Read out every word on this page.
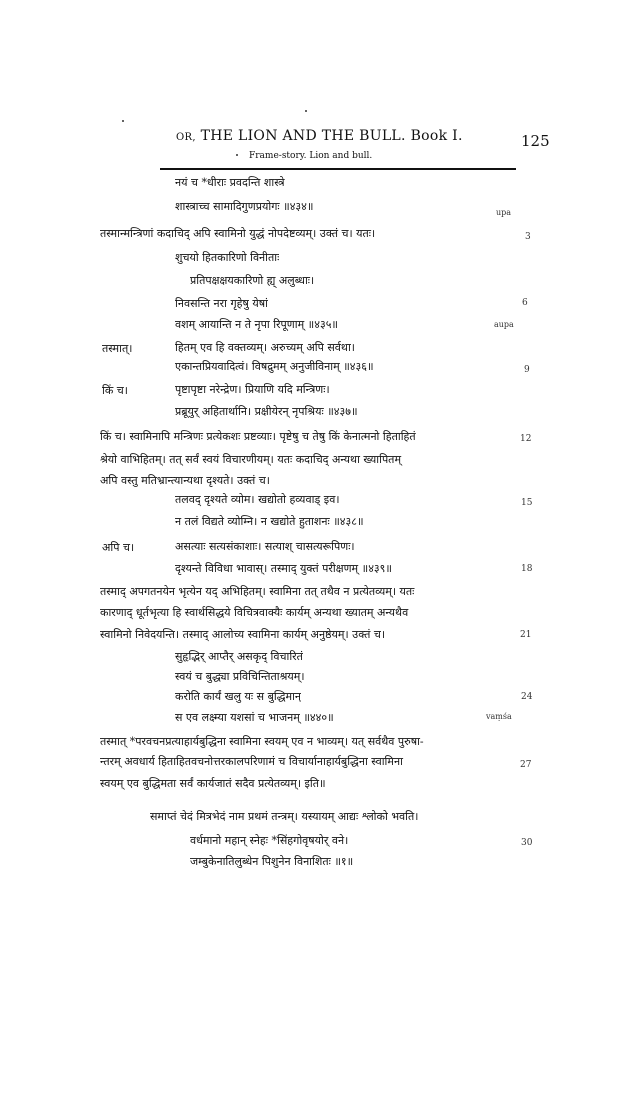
OR, THE LION AND THE BULL. Book I.	125
Frame-story. Lion and bull.
नयं च *धीराः प्रवदन्ति शास्त्रे
शास्त्राच्च सामादिगुणप्रयोगः ॥४३४॥	upa
तस्मान्मन्त्रिणां कदाचिद् अपि स्वामिनो युद्धं नोपदेष्टव्यम्। उक्तं च। यतः।	3
शुचयो हितकारिणो विनीताः
प्रतिपक्षक्षयकारिणो ह्य् अलुब्धाः।
निवसन्ति नरा गृहेषु येषां	6
वशम् आयान्ति न ते नृपा रिपूणाम् ॥४३५॥	aupa
तस्मात्।	हितम् एव हि वक्तव्यम्। अरुच्यम् अपि सर्वथा।
एकान्तप्रियवादित्वं। विषद्रुमम् अनुजीविनाम् ॥४३६॥	9
किं च।	पृष्टापृष्टा नरेन्द्रेण। प्रियाणि यदि मन्त्रिणः।
प्रब्रूयुर् अहितार्थानि। प्रक्षीयेरन् नृपश्रियः ॥४३७॥
किं च। स्वामिनापि मन्त्रिणः प्रत्येकशः प्रष्टव्याः। पृष्टेषु च तेषु किं केनात्मनो हिताहितं	12
श्रेयो वाभिहितम्। तत् सर्वं स्वयं विचारणीयम्। यतः कदाचिद् अन्यथा ख्यापितम्
अपि वस्तु मतिभ्रान्त्यान्यथा दृश्यते। उक्तं च।
तलवद् दृश्यते व्योम। खद्योतो हव्यवाड् इव।	15
न तलं विद्यते व्योम्नि। न खद्योते हुताशनः ॥४३८॥
अपि च।	असत्याः सत्यसंकाशाः। सत्याश् चासत्यरूपिणः।
दृश्यन्ते विविधा भावास्। तस्माद् युक्तं परीक्षणम् ॥४३९॥	18
तस्माद् अपगतनयेन भृत्येन यद् अभिहितम्। स्वामिना तत् तथैव न प्रत्येतव्यम्। यतः
कारणाद् धूर्तभृत्या हि स्वार्थसिद्धये विचित्रवाक्यैः कार्यम् अन्यथा ख्यातम् अन्यथैव
स्वामिनो निवेदयन्ति। तस्माद् आलोच्य स्वामिना कार्यम् अनुष्ठेयम्। उक्तं च।	21
सुहृद्भिर् आप्तैर् असकृद् विचारितं
स्वयं च बुद्ध्या प्रविचिन्तिताश्रयम्।
करोति कार्यं खलु यः स बुद्धिमान्	24
स एव लक्ष्म्या यशसां च भाजनम् ॥४४०॥	vaṃśa
तस्मात् *परवचनप्रत्याहार्यबुद्धिना स्वामिना स्वयम् एव न भाव्यम्। यत् सर्वथैव पुरुषा-
न्तरम् अवधार्य हिताहितवचनोत्तरकालपरिणामं च विचार्यानाहार्यबुद्धिना स्वामिना	27
स्वयम् एव बुद्धिमता सर्वं कार्यजातं सदैव प्रत्येतव्यम्। इति॥
समाप्तं चेदं मित्रभेदं नाम प्रथमं तन्त्रम्। यस्यायम् आद्यः श्लोको भवति।
वर्धमानो महान् स्नेहः *सिंहगोवृषयोर् वने।	30
जम्बुकेनातिलुब्धेन पिशुनेन विनाशितः ॥१॥
